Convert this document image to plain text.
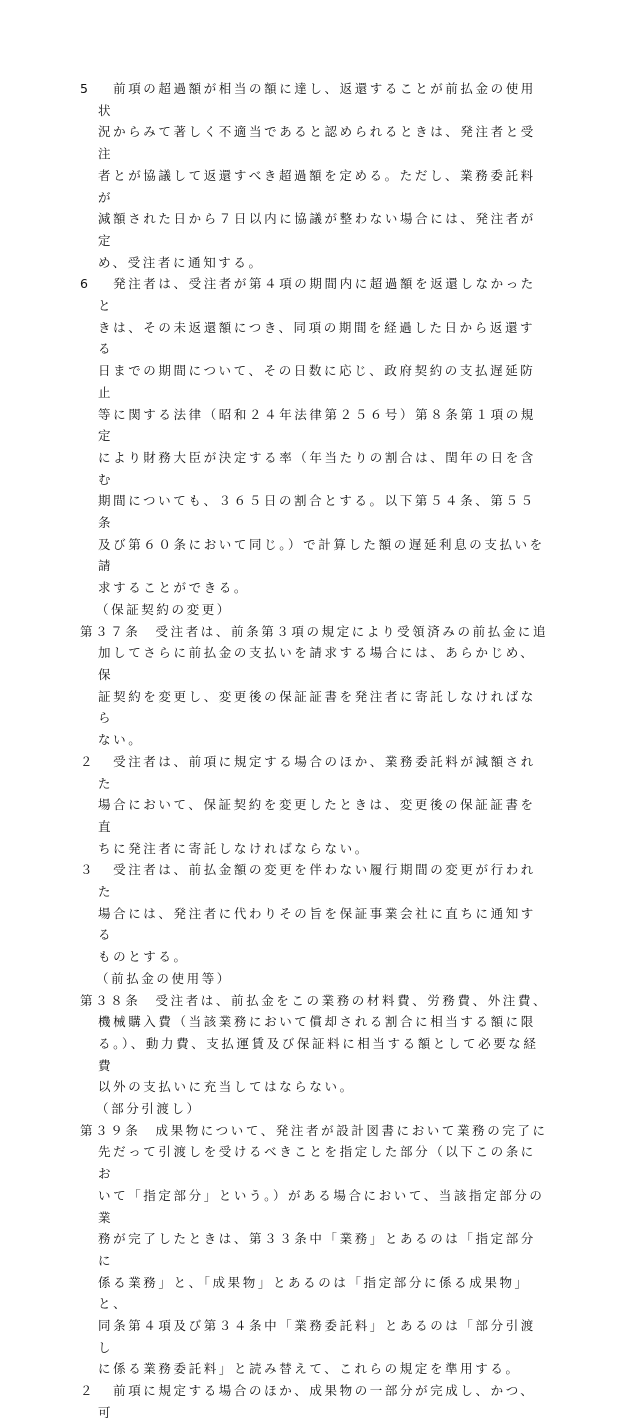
5	　前項の超過額が相当の額に達し、返還することが前払金の使用状
況からみて著しく不適当であると認められるときは、発注者と受注
者とが協議して返還すべき超過額を定める。ただし、業務委託料が
減額された日から７日以内に協議が整わない場合には、発注者が定
め、受注者に通知する。
6	　発注者は、受注者が第４項の期間内に超過額を返還しなかったと
きは、その未返還額につき、同項の期間を経過した日から返還する
日までの期間について、その日数に応じ、政府契約の支払遅延防止
等に関する法律（昭和２４年法律第２５６号）第８条第１項の規定
により財務大臣が決定する率（年当たりの割合は、閏年の日を含む
期間についても、３６５日の割合とする。以下第５４条、第５５条
及び第６０条において同じ。）で計算した額の遅延利息の支払いを請
求することができる。
（保証契約の変更）
第３７条　受注者は、前条第３項の規定により受領済みの前払金に追
加してさらに前払金の支払いを請求する場合には、あらかじめ、保
証契約を変更し、変更後の保証証書を発注者に寄託しなければなら
ない。
２	　受注者は、前項に規定する場合のほか、業務委託料が減額された
場合において、保証契約を変更したときは、変更後の保証証書を直
ちに発注者に寄託しなければならない。
３	　受注者は、前払金額の変更を伴わない履行期間の変更が行われた
場合には、発注者に代わりその旨を保証事業会社に直ちに通知する
ものとする。
（前払金の使用等）
第３８条　受注者は、前払金をこの業務の材料費、労務費、外注費、
機械購入費（当該業務において償却される割合に相当する額に限
る。）、動力費、支払運賃及び保証料に相当する額として必要な経費
以外の支払いに充当してはならない。
（部分引渡し）
第３９条　成果物について、発注者が設計図書において業務の完了に
先だって引渡しを受けるべきことを指定した部分（以下この条にお
いて「指定部分」という。）がある場合において、当該指定部分の業
務が完了したときは、第３３条中「業務」とあるのは「指定部分に
係る業務」と、「成果物」とあるのは「指定部分に係る成果物」と、
同条第４項及び第３４条中「業務委託料」とあるのは「部分引渡し
に係る業務委託料」と読み替えて、これらの規定を準用する。
２ 　前項に規定する場合のほか、成果物の一部分が完成し、かつ、可
